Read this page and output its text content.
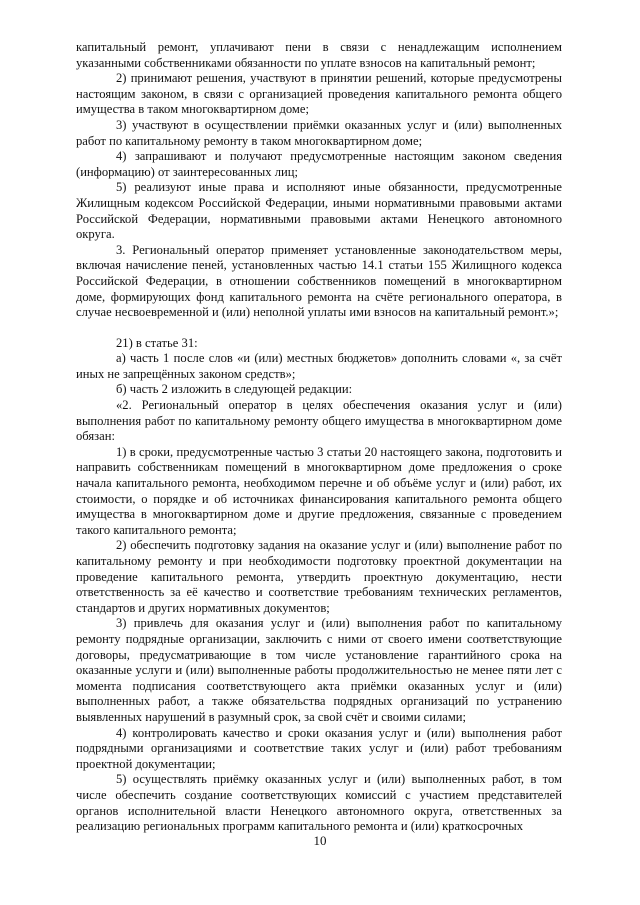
капитальный ремонт, уплачивают пени в связи с ненадлежащим исполнением указанными собственниками обязанности по уплате взносов на капитальный ремонт;

2) принимают решения, участвуют в принятии решений, которые предусмотрены настоящим законом, в связи с организацией проведения капитального ремонта общего имущества в таком многоквартирном доме;

3) участвуют в осуществлении приёмки оказанных услуг и (или) выполненных работ по капитальному ремонту в таком многоквартирном доме;

4) запрашивают и получают предусмотренные настоящим законом сведения (информацию) от заинтересованных лиц;

5) реализуют иные права и исполняют иные обязанности, предусмотренные Жилищным кодексом Российской Федерации, иными нормативными правовыми актами Российской Федерации, нормативными правовыми актами Ненецкого автономного округа.

3. Региональный оператор применяет установленные законодательством меры, включая начисление пеней, установленных частью 14.1 статьи 155 Жилищного кодекса Российской Федерации, в отношении собственников помещений в многоквартирном доме, формирующих фонд капитального ремонта на счёте регионального оператора, в случае несвоевременной и (или) неполной уплаты ими взносов на капитальный ремонт.»;

21) в статье 31:

а) часть 1 после слов «и (или) местных бюджетов» дополнить словами «, за счёт иных не запрещённых законом средств»;

б) часть 2 изложить в следующей редакции:

«2. Региональный оператор в целях обеспечения оказания услуг и (или) выполнения работ по капитальному ремонту общего имущества в многоквартирном доме обязан:

1) в сроки, предусмотренные частью 3 статьи 20 настоящего закона, подготовить и направить собственникам помещений в многоквартирном доме предложения о сроке начала капитального ремонта, необходимом перечне и об объёме услуг и (или) работ, их стоимости, о порядке и об источниках финансирования капитального ремонта общего имущества в многоквартирном доме и другие предложения, связанные с проведением такого капитального ремонта;

2) обеспечить подготовку задания на оказание услуг и (или) выполнение работ по капитальному ремонту и при необходимости подготовку проектной документации на проведение капитального ремонта, утвердить проектную документацию, нести ответственность за её качество и соответствие требованиям технических регламентов, стандартов и других нормативных документов;

3) привлечь для оказания услуг и (или) выполнения работ по капитальному ремонту подрядные организации, заключить с ними от своего имени соответствующие договоры, предусматривающие в том числе установление гарантийного срока на оказанные услуги и (или) выполненные работы продолжительностью не менее пяти лет с момента подписания соответствующего акта приёмки оказанных услуг и (или) выполненных работ, а также обязательства подрядных организаций по устранению выявленных нарушений в разумный срок, за свой счёт и своими силами;

4) контролировать качество и сроки оказания услуг и (или) выполнения работ подрядными организациями и соответствие таких услуг и (или) работ требованиям проектной документации;

5) осуществлять приёмку оказанных услуг и (или) выполненных работ, в том числе обеспечить создание соответствующих комиссий с участием представителей органов исполнительной власти Ненецкого автономного округа, ответственных за реализацию региональных программ капитального ремонта и (или) краткосрочных

10
